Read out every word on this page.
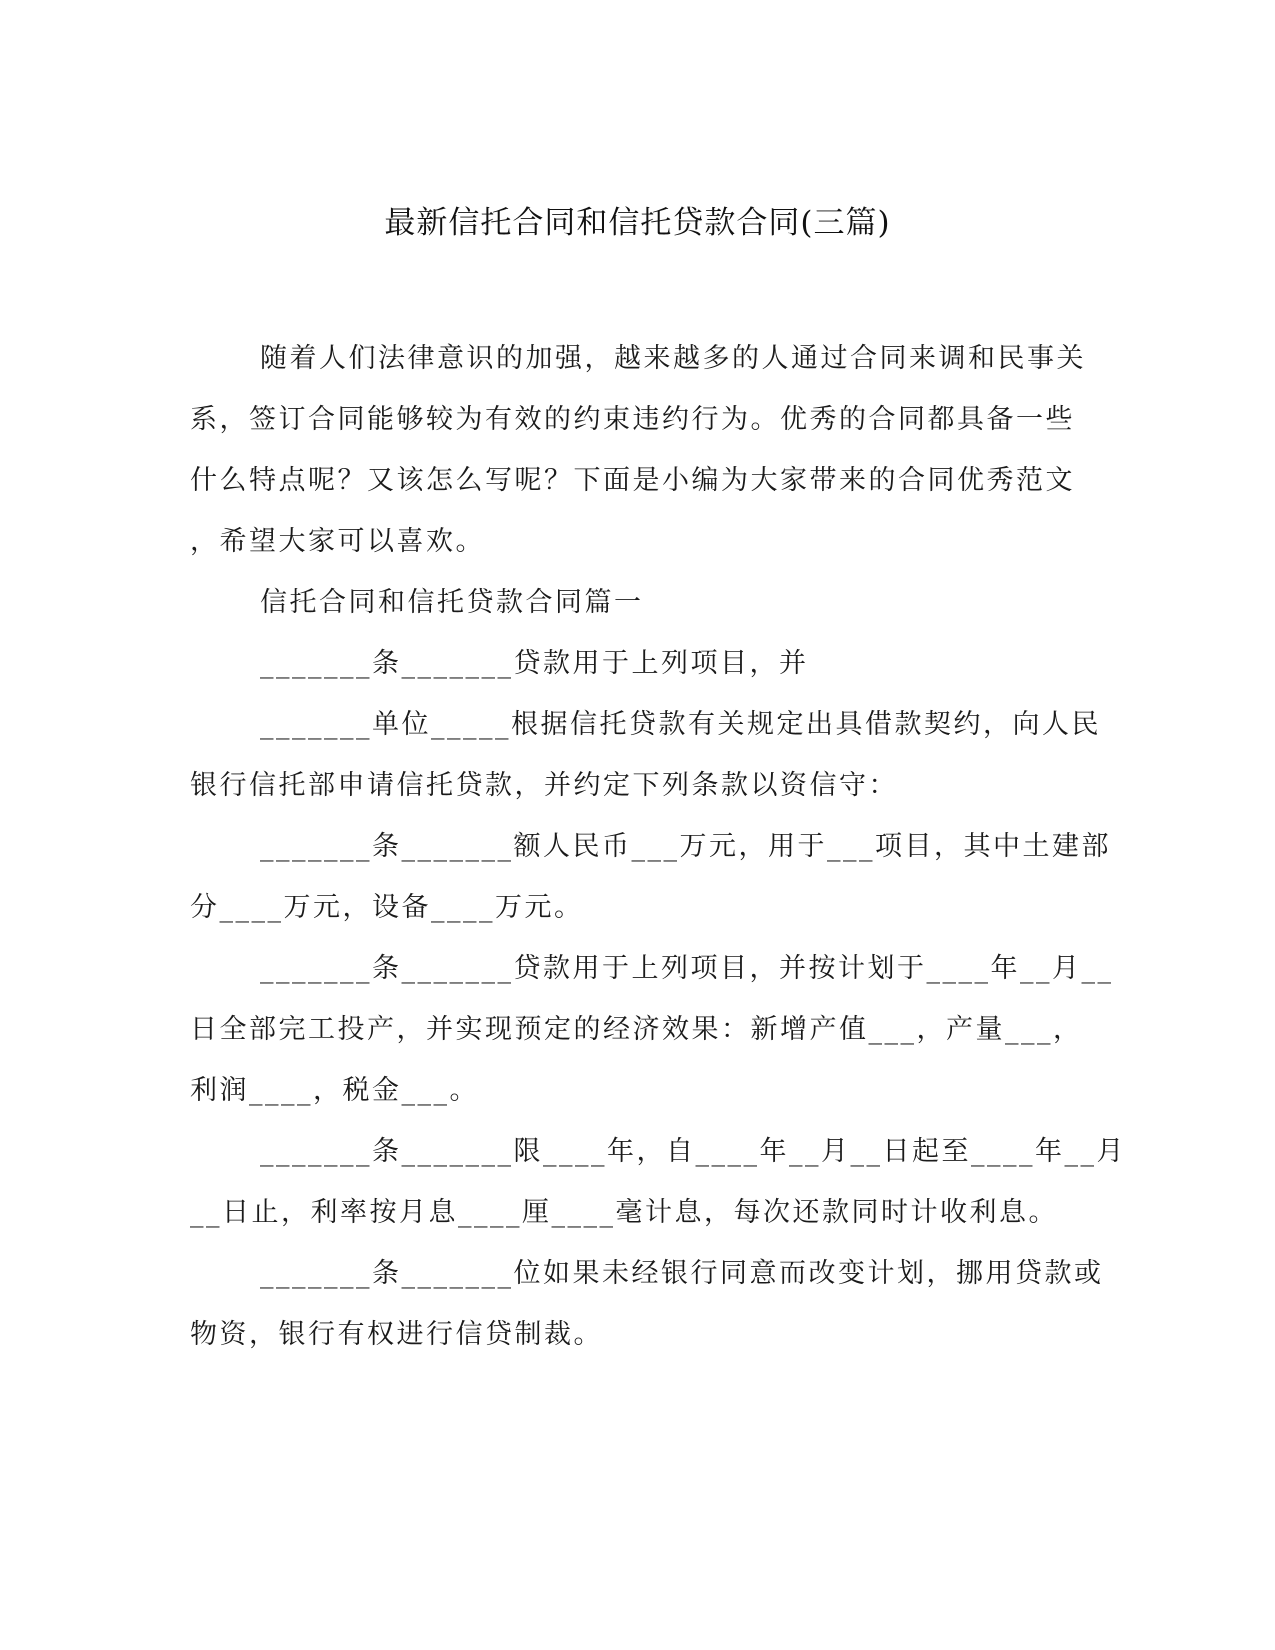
最新信托合同和信托贷款合同(三篇)
随着人们法律意识的加强，越来越多的人通过合同来调和民事关
系，签订合同能够较为有效的约束违约行为。优秀的合同都具备一些
什么特点呢？又该怎么写呢？下面是小编为大家带来的合同优秀范文
，希望大家可以喜欢。
信托合同和信托贷款合同篇一
_______条_______贷款用于上列项目，并
_______单位_____根据信托贷款有关规定出具借款契约，向人民
银行信托部申请信托贷款，并约定下列条款以资信守：
_______条_______额人民币___万元，用于___项目，其中土建部
分____万元，设备____万元。
_______条_______贷款用于上列项目，并按计划于____年__月__
日全部完工投产，并实现预定的经济效果：新增产值___，产量___，
利润____，税金___。
_______条_______限____年，自____年__月__日起至____年__月
__日止，利率按月息____厘____毫计息，每次还款同时计收利息。
_______条_______位如果未经银行同意而改变计划，挪用贷款或
物资，银行有权进行信贷制裁。
